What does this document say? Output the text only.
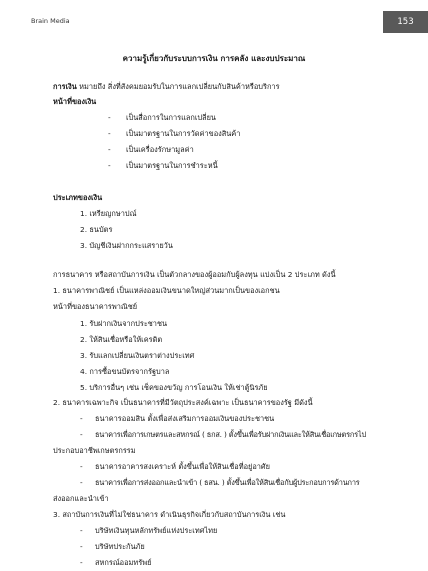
Brain Media	153
ความรู้เกี่ยวกับระบบการเงิน การคลัง และงบประมาณ
การเงิน หมายถึง สิ่งที่สังคมยอมรับในการแลกเปลี่ยนกับสินค้าหรือบริการ
หน้าที่ของเงิน
- เป็นสื่อการในการแลกเปลี่ยน
- เป็นมาตรฐานในการวัดค่าของสินค้า
- เป็นเครื่องรักษามูลค่า
- เป็นมาตรฐานในการชำระหนี้
ประเภทของเงิน
1. เหรียญกษาปณ์
2. ธนบัตร
3. บัญชีเงินฝากกระแสรายวัน
การธนาคาร หรือสถาบันการเงิน เป็นตัวกลางของผู้ออมกับผู้ลงทุน แบ่งเป็น 2 ประเภท ดังนี้
1. ธนาคารพาณิชย์ เป็นแหล่งออมเงินขนาดใหญ่ส่วนมากเป็นของเอกชน
หน้าที่ของธนาคารพาณิชย์
1. รับฝากเงินจากประชาชน
2. ให้สินเชื่อหรือให้เครดิต
3. รับแลกเปลี่ยนเงินตราต่างประเทศ
4. การซื้อขนบัตรจากรัฐบาล
5. บริการอื่นๆ เช่น เช็คของขวัญ การโอนเงิน ให้เช่าตู้นิรภัย
2. ธนาคารเฉพาะกิจ เป็นธนาคารที่มีวัตถุประสงค์เฉพาะ เป็นธนาคารของรัฐ มีดังนี้
- ธนาคารออมสิน ตั้งเพื่อส่งเสริมการออมเงินของประชาชน
- ธนาคารเพื่อการเกษตรและสหกรณ์ ( ธกส. ) ตั้งขึ้นเพื่อรับฝากเงินและให้สินเชื่อเกษตรกรไป
ประกอบอาชีพเกษตรกรรม
- ธนาคารอาคารสงเคราะห์ ตั้งขึ้นเพื่อให้สินเชื่อที่อยู่อาศัย
- ธนาคารเพื่อการส่งออกและนำเข้า ( ธสน. ) ตั้งขึ้นเพื่อให้สินเชื่อกับผู้ประกอบการด้านการ
ส่งออกและนำเข้า
3. สถาบันการเงินที่ไม่ใช่ธนาคาร ดำเนินธุรกิจเกี่ยวกับสถาบันการเงิน เช่น
- บริษัทเงินทุนหลักทรัพย์แห่งประเทศไทย
- บริษัทประกันภัย
- สหกรณ์ออมทรัพย์
